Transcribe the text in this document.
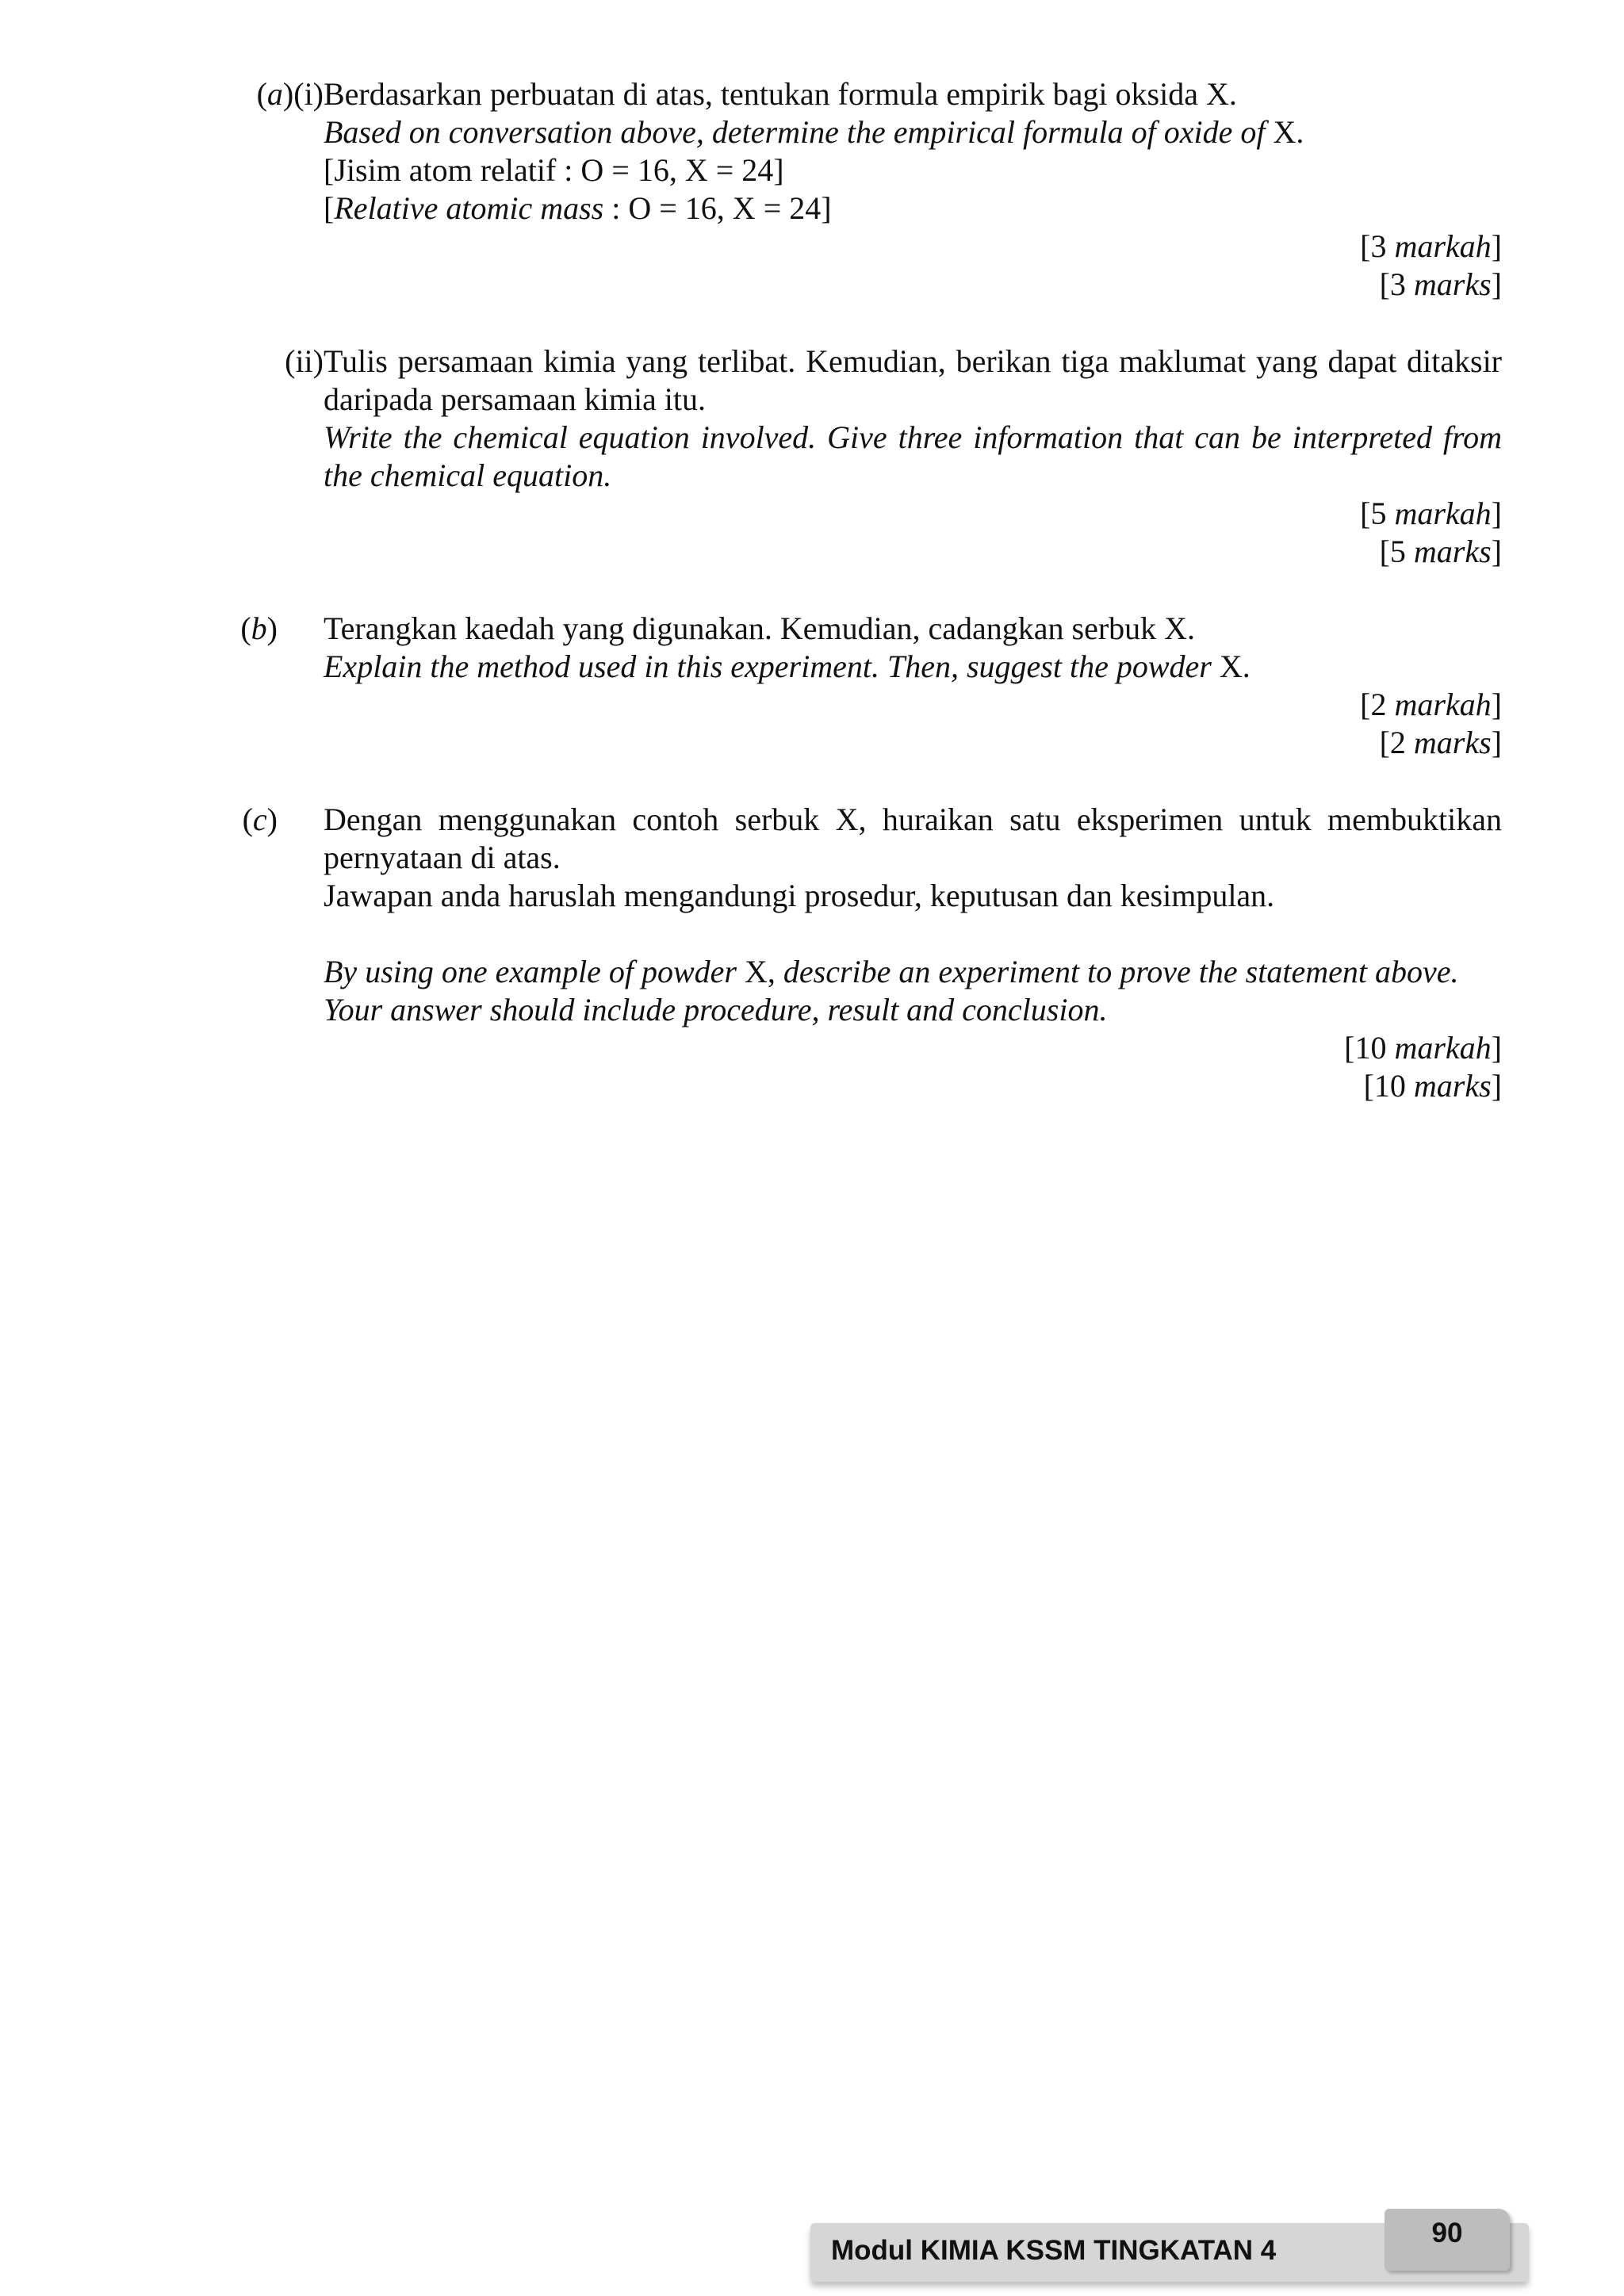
(a)(i) Berdasarkan perbuatan di atas, tentukan formula empirik bagi oksida X.

Based on conversation above, determine the empirical formula of oxide of X.

[Jisim atom relatif : O = 16, X = 24]

[Relative atomic mass : O = 16, X = 24]

[3 markah]

[3 marks]

(ii) Tulis persamaan kimia yang terlibat. Kemudian, berikan tiga maklumat yang dapat ditaksir daripada persamaan kimia itu.

Write the chemical equation involved. Give three information that can be interpreted from the chemical equation.

[5 markah]

[5 marks]

(b) Terangkan kaedah yang digunakan. Kemudian, cadangkan serbuk X.

Explain the method used in this experiment. Then, suggest the powder X.

[2 markah]

[2 marks]

(c) Dengan menggunakan contoh serbuk X, huraikan satu eksperimen untuk membuktikan pernyataan di atas.

Jawapan anda haruslah mengandungi prosedur, keputusan dan kesimpulan.

By using one example of powder X, describe an experiment to prove the statement above.

Your answer should include procedure, result and conclusion.

[10 markah]

[10 marks]

Modul KIMIA KSSM TINGKATAN 4
90
